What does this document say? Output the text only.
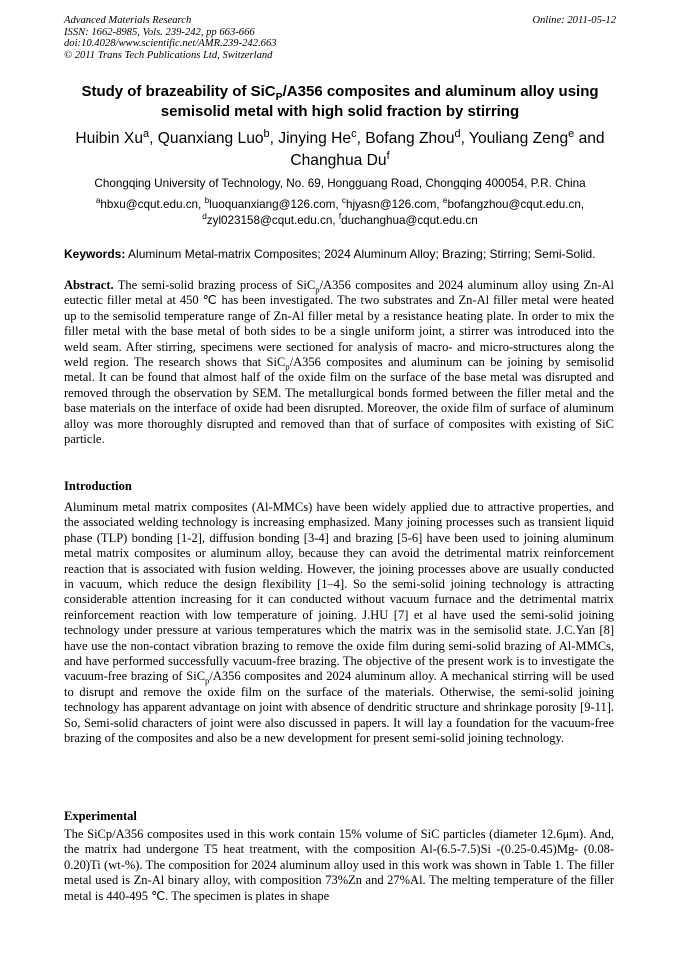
Advanced Materials Research	Online: 2011-05-12
ISSN: 1662-8985, Vols. 239-242, pp 663-666
doi:10.4028/www.scientific.net/AMR.239-242.663
© 2011 Trans Tech Publications Ltd, Switzerland
Study of brazeability of SiC$_P$/A356 composites and aluminum alloy using semisolid metal with high solid fraction by stirring
Huibin Xu$^a$, Quanxiang Luo$^b$, Jinying He$^c$, Bofang Zhou$^d$, Youliang Zeng$^e$ and
Changhua Du$^f$
Chongqing University of Technology, No. 69, Hongguang Road, Chongqing 400054, P.R. China
$^a$hbxu@cqut.edu.cn, $^b$luoquanxiang@126.com, $^c$hjyasn@126.com, $^e$bofangzhou@cqut.edu.cn,
$^d$zyl023158@cqut.edu.cn, $^f$duchanghua@cqut.edu.cn
Keywords: Aluminum Metal-matrix Composites; 2024 Aluminum Alloy; Brazing; Stirring; Semi-Solid.
Abstract. The semi-solid brazing process of SiC$_p$/A356 composites and 2024 aluminum alloy using Zn-Al eutectic filler metal at 450 ℃ has been investigated. The two substrates and Zn-Al filler metal were heated up to the semisolid temperature range of Zn-Al filler metal by a resistance heating plate. In order to mix the filler metal with the base metal of both sides to be a single uniform joint, a stirrer was introduced into the weld seam. After stirring, specimens were sectioned for analysis of macro- and micro-structures along the weld region. The research shows that SiC$_p$/A356 composites and aluminum can be joining by semisolid metal. It can be found that almost half of the oxide film on the surface of the base metal was disrupted and removed through the observation by SEM. The metallurgical bonds formed between the filler metal and the base materials on the interface of oxide had been disrupted. Moreover, the oxide film of surface of aluminum alloy was more thoroughly disrupted and removed than that of surface of composites with existing of SiC particle.
Introduction
Aluminum metal matrix composites (Al-MMCs) have been widely applied due to attractive properties, and the associated welding technology is increasing emphasized. Many joining processes such as transient liquid phase (TLP) bonding [1-2], diffusion bonding [3-4] and brazing [5-6] have been used to joining aluminum metal matrix composites or aluminum alloy, because they can avoid the detrimental matrix reinforcement reaction that is associated with fusion welding. However, the joining processes above are usually conducted in vacuum, which reduce the design flexibility [1–4]. So the semi-solid joining technology is attracting considerable attention increasing for it can conducted without vacuum furnace and the detrimental matrix reinforcement reaction with low temperature of joining. J.HU [7] et al have used the semi-solid joining technology under pressure at various temperatures which the matrix was in the semisolid state. J.C.Yan [8] have use the non-contact vibration brazing to remove the oxide film during semi-solid brazing of Al-MMCs, and have performed successfully vacuum-free brazing. The objective of the present work is to investigate the vacuum-free brazing of SiC$_p$/A356 composites and 2024 aluminum alloy. A mechanical stirring will be used to disrupt and remove the oxide film on the surface of the materials. Otherwise, the semi-solid joining technology has apparent advantage on joint with absence of dendritic structure and shrinkage porosity [9-11]. So, Semi-solid characters of joint were also discussed in papers. It will lay a foundation for the vacuum-free brazing of the composites and also be a new development for present semi-solid joining technology.
Experimental
The SiCp/A356 composites used in this work contain 15% volume of SiC particles (diameter 12.6μm). And, the matrix had undergone T5 heat treatment, with the composition Al-(6.5-7.5)Si -(0.25-0.45)Mg- (0.08-0.20)Ti (wt-%). The composition for 2024 aluminum alloy used in this work was shown in Table 1. The filler metal used is Zn-Al binary alloy, with composition 73%Zn and 27%Al. The melting temperature of the filler metal is 440-495 ℃. The specimen is plates in shape
